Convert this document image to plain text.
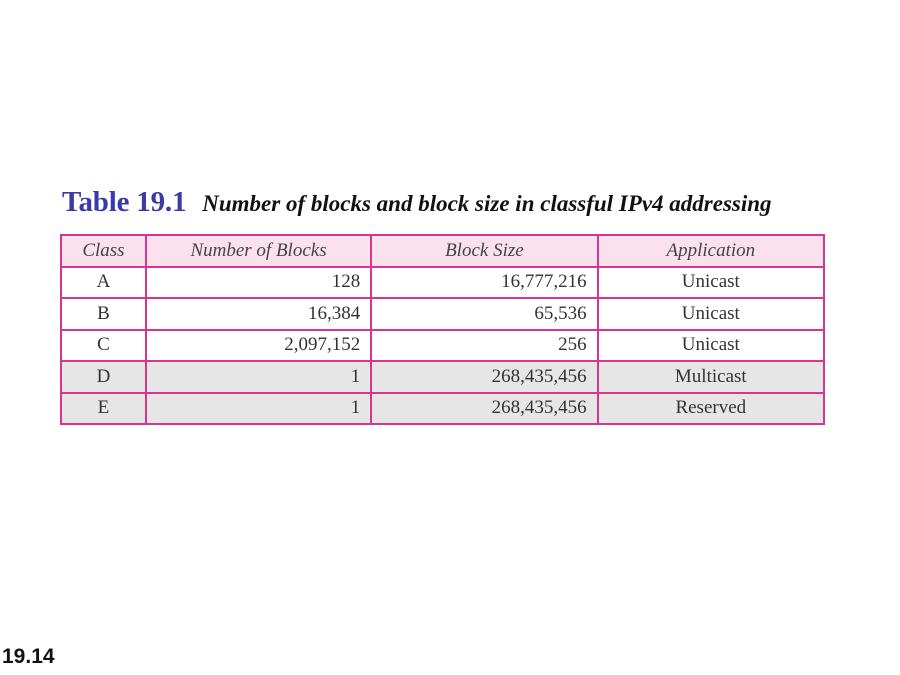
Table 19.1 Number of blocks and block size in classful IPv4 addressing
Class	Number of Blocks	Block Size	Application
A	128	16,777,216	Unicast
B	16,384	65,536	Unicast
C	2,097,152	256	Unicast
D	1	268,435,456	Multicast
E	1	268,435,456	Reserved
19.14
